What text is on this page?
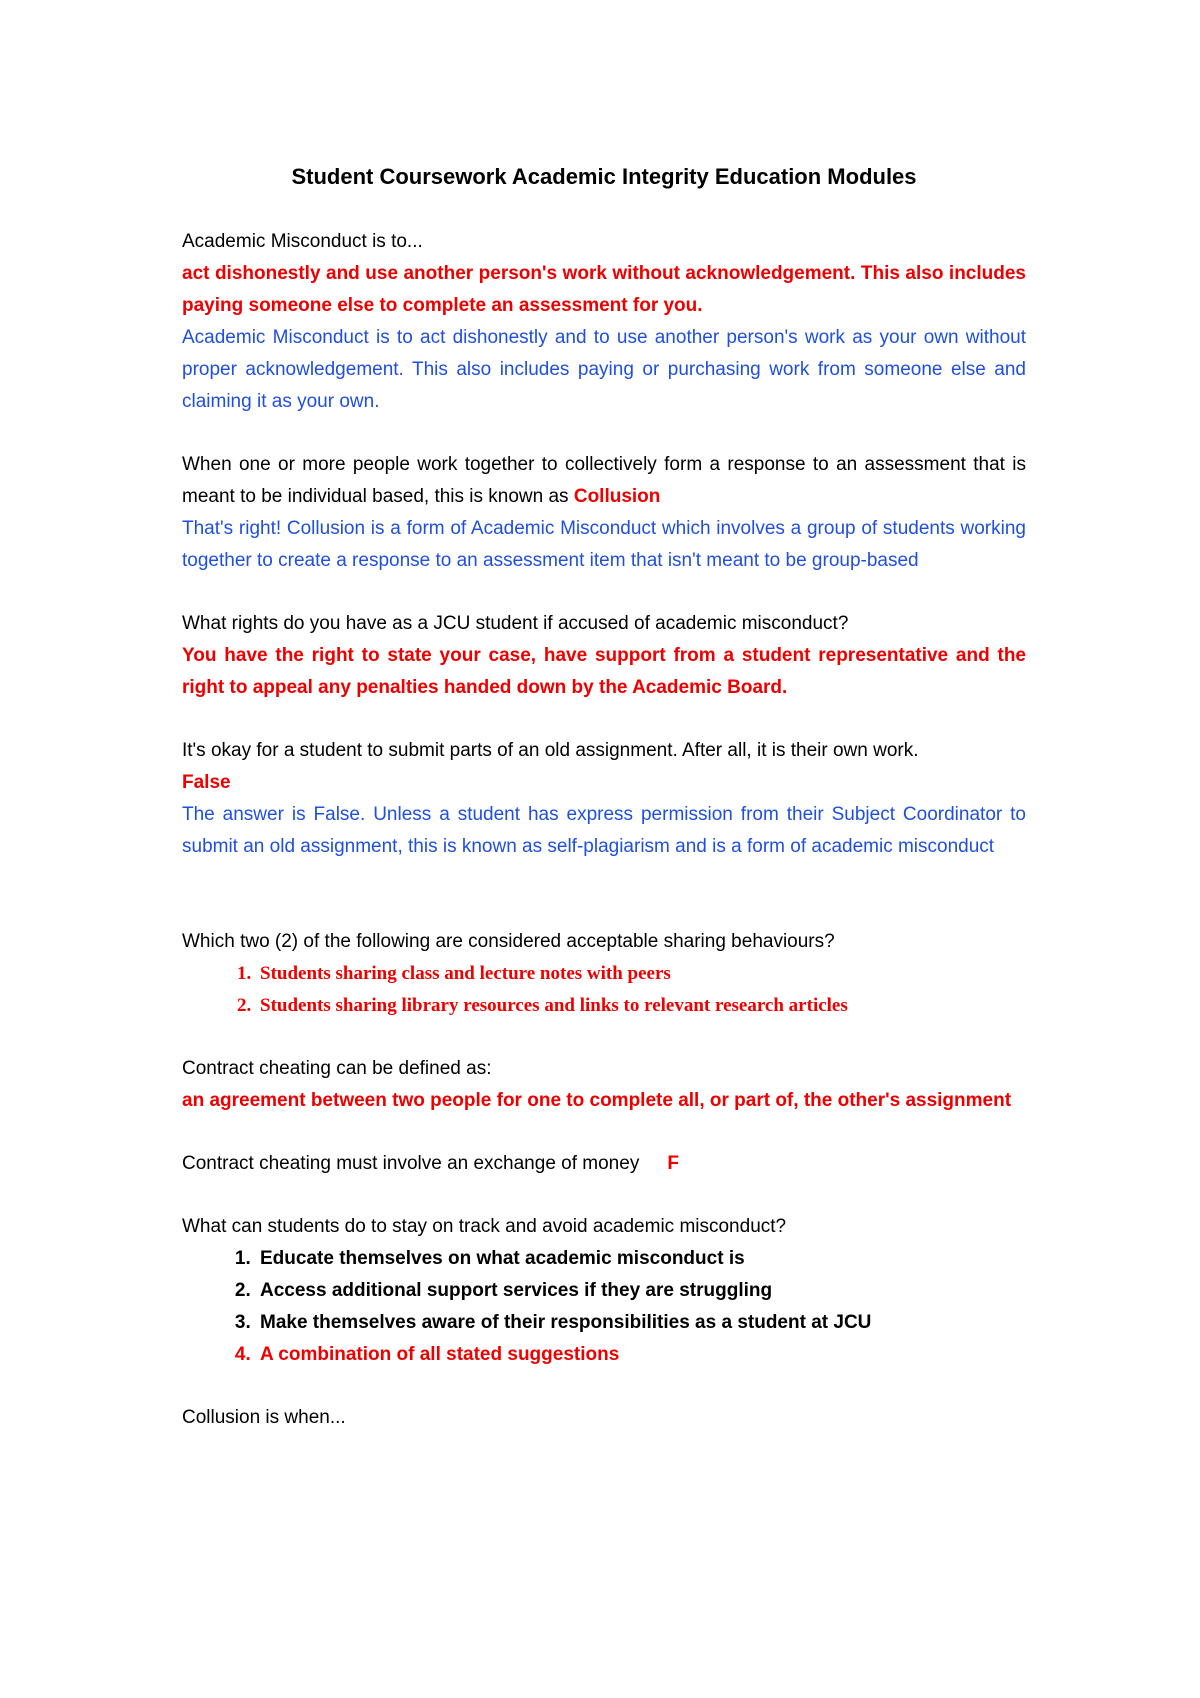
Student Coursework Academic Integrity Education Modules

Academic Misconduct is to...

act dishonestly and use another person's work without acknowledgement. This also includes paying someone else to complete an assessment for you.

Academic Misconduct is to act dishonestly and to use another person's work as your own without proper acknowledgement. This also includes paying or purchasing work from someone else and claiming it as your own.

When one or more people work together to collectively form a response to an assessment that is meant to be individual based, this is known as Collusion

That's right! Collusion is a form of Academic Misconduct which involves a group of students working together to create a response to an assessment item that isn't meant to be group-based

What rights do you have as a JCU student if accused of academic misconduct?

You have the right to state your case, have support from a student representative and the right to appeal any penalties handed down by the Academic Board.

It's okay for a student to submit parts of an old assignment. After all, it is their own work.

False

The answer is False. Unless a student has express permission from their Subject Coordinator to submit an old assignment, this is known as self-plagiarism and is a form of academic misconduct

Which two (2) of the following are considered acceptable sharing behaviours?

1. Students sharing class and lecture notes with peers
2. Students sharing library resources and links to relevant research articles

Contract cheating can be defined as:

an agreement between two people for one to complete all, or part of, the other's assignment

Contract cheating must involve an exchange of money F

What can students do to stay on track and avoid academic misconduct?

1. Educate themselves on what academic misconduct is
2. Access additional support services if they are struggling
3. Make themselves aware of their responsibilities as a student at JCU
4. A combination of all stated suggestions

Collusion is when...
